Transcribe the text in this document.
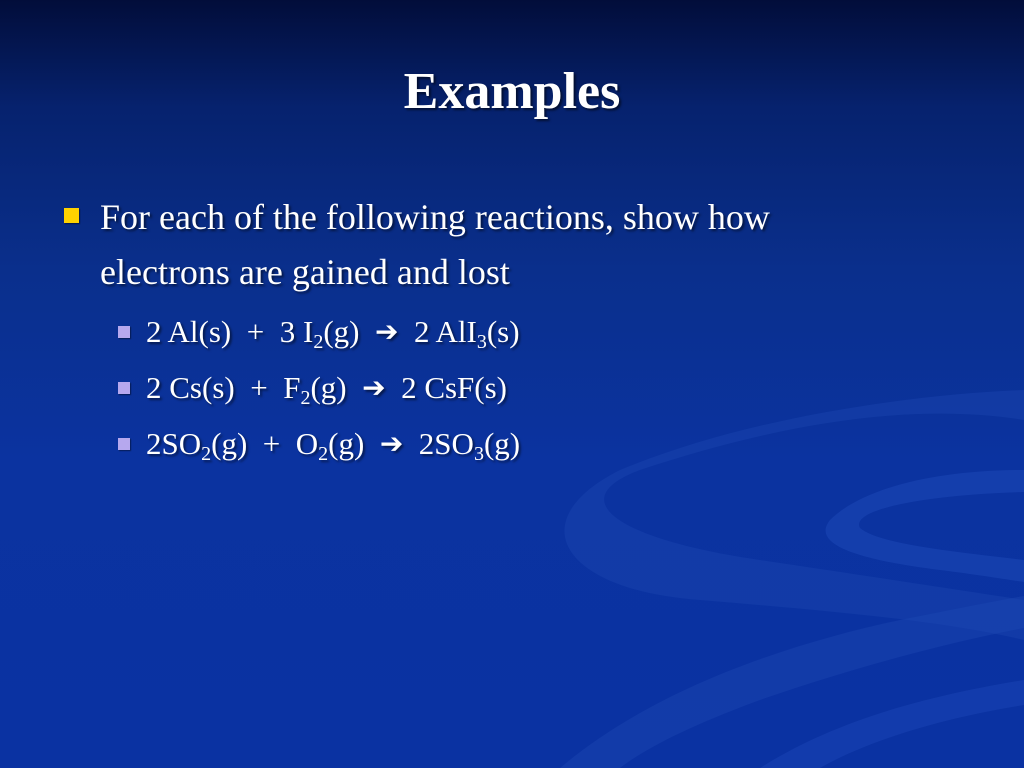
Examples
For each of the following reactions, show how
electrons are gained and lost
2 Al(s) + 3 $I_2(g)$ ➔ 2 AlI$_3$(s)
2 $Cs(s) + F_2(g)$ ➔ 2 CsF(s)
$2SO_2(g) + O_2(g)$ ➔ $2SO_3(g)$
